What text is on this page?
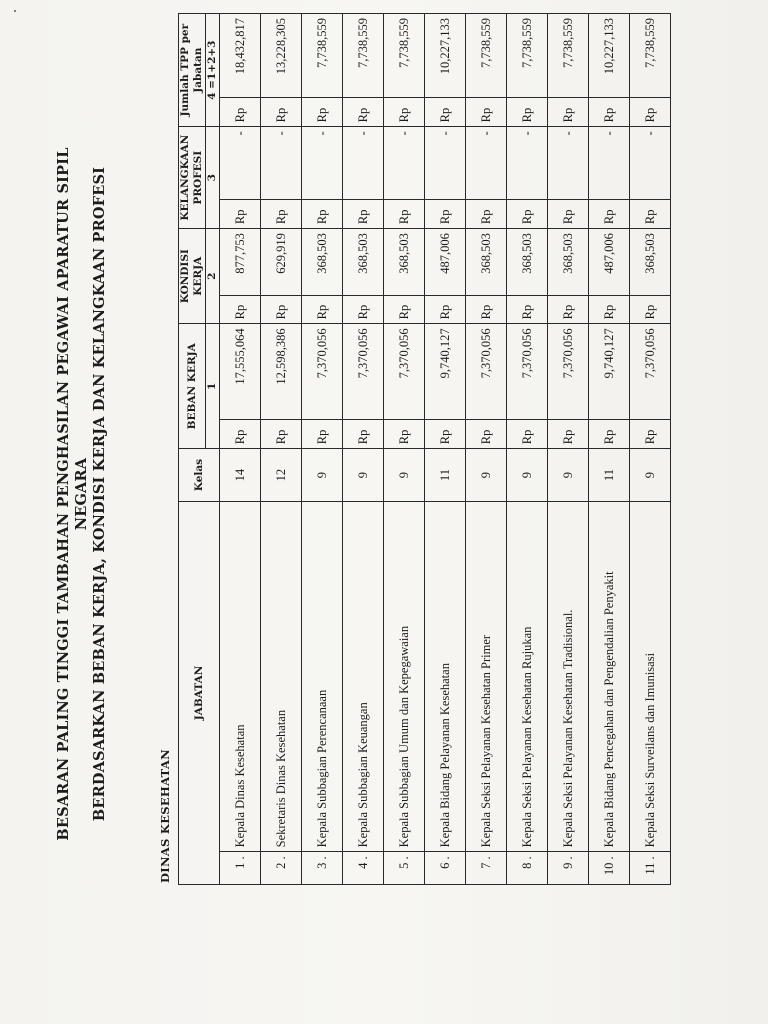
BESARAN PALING TINGGI TAMBAHAN PENGHASILAN PEGAWAI APARATUR SIPIL NEGARA BERDASARKAN BEBAN KERJA, KONDISI KERJA DAN KELANGKAAN PROFESI	DINAS KESEHATAN
JABATAN		Kelas	BEBAN KERJA		KONDISI KERJA		KELANGKAAN PROFESI		Jumlah TPP per Jabatan	
			1		2		3		4 =1+2+3	
1 .	Kepala Dinas Kesehatan	14	Rp	17,555,064	Rp	877,753	Rp	-	Rp	18,432,817
2 .	Sekretaris Dinas Kesehatan	12	Rp	12,598,386	Rp	629,919	Rp	-	Rp	13,228,305
3 .	Kepala Subbagian Perencanaan	9	Rp	7,370,056	Rp	368,503	Rp	-	Rp	7,738,559
4 .	Kepala Subbagian Keuangan	9	Rp	7,370,056	Rp	368,503	Rp	-	Rp	7,738,559
5 .	Kepala Subbagian Umum dan Kepegawaian	9	Rp	7,370,056	Rp	368,503	Rp	-	Rp	7,738,559
6 .	Kepala Bidang Pelayanan Kesehatan	11	Rp	9,740,127	Rp	487,006	Rp	-	Rp	10,227,133
7 .	Kepala Seksi Pelayanan Kesehatan Primer	9	Rp	7,370,056	Rp	368,503	Rp	-	Rp	7,738,559
8 .	Kepala Seksi Pelayanan Kesehatan Rujukan	9	Rp	7,370,056	Rp	368,503	Rp	-	Rp	7,738,559
9 .	Kepala Seksi Pelayanan Kesehatan Tradisional.	9	Rp	7,370,056	Rp	368,503	Rp	-	Rp	7,738,559
10 .	Kepala Bidang Pencegahan dan Pengendalian Penyakit	11	Rp	9,740,127	Rp	487,006	Rp	-	Rp	10,227,133
11 .	Kepala Seksi Surveilans dan Imunisasi	9	Rp	7,370,056	Rp	368,503	Rp	-	Rp	7,738,559
